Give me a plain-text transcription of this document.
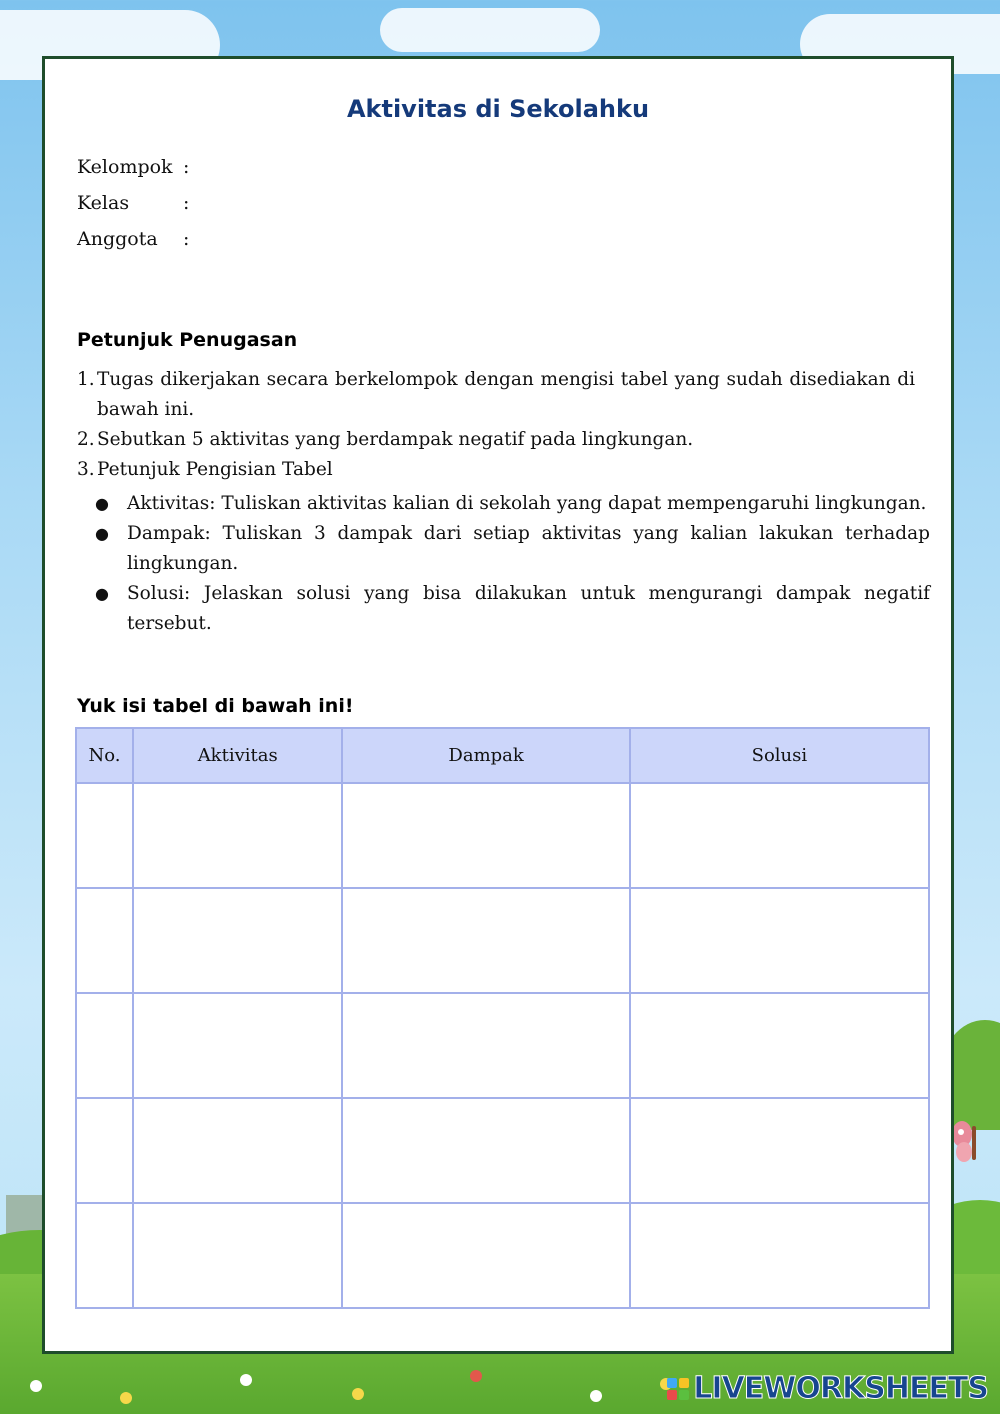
Aktivitas di Sekolahku
Kelompok :
Kelas	:
Anggota	:
Petunjuk Penugasan
1. Tugas dikerjakan secara berkelompok dengan mengisi tabel yang sudah disediakan di bawah ini.
2. Sebutkan 5 aktivitas yang berdampak negatif pada lingkungan.
3. Petunjuk Pengisian Tabel
● Aktivitas: Tuliskan aktivitas kalian di sekolah yang dapat mempengaruhi lingkungan.
● Dampak: Tuliskan 3 dampak dari setiap aktivitas yang kalian lakukan terhadap lingkungan.
● Solusi: Jelaskan solusi yang bisa dilakukan untuk mengurangi dampak negatif tersebut.
Yuk isi tabel di bawah ini!
No.	Aktivitas	Dampak	Solusi

LIVEWORKSHEETS
